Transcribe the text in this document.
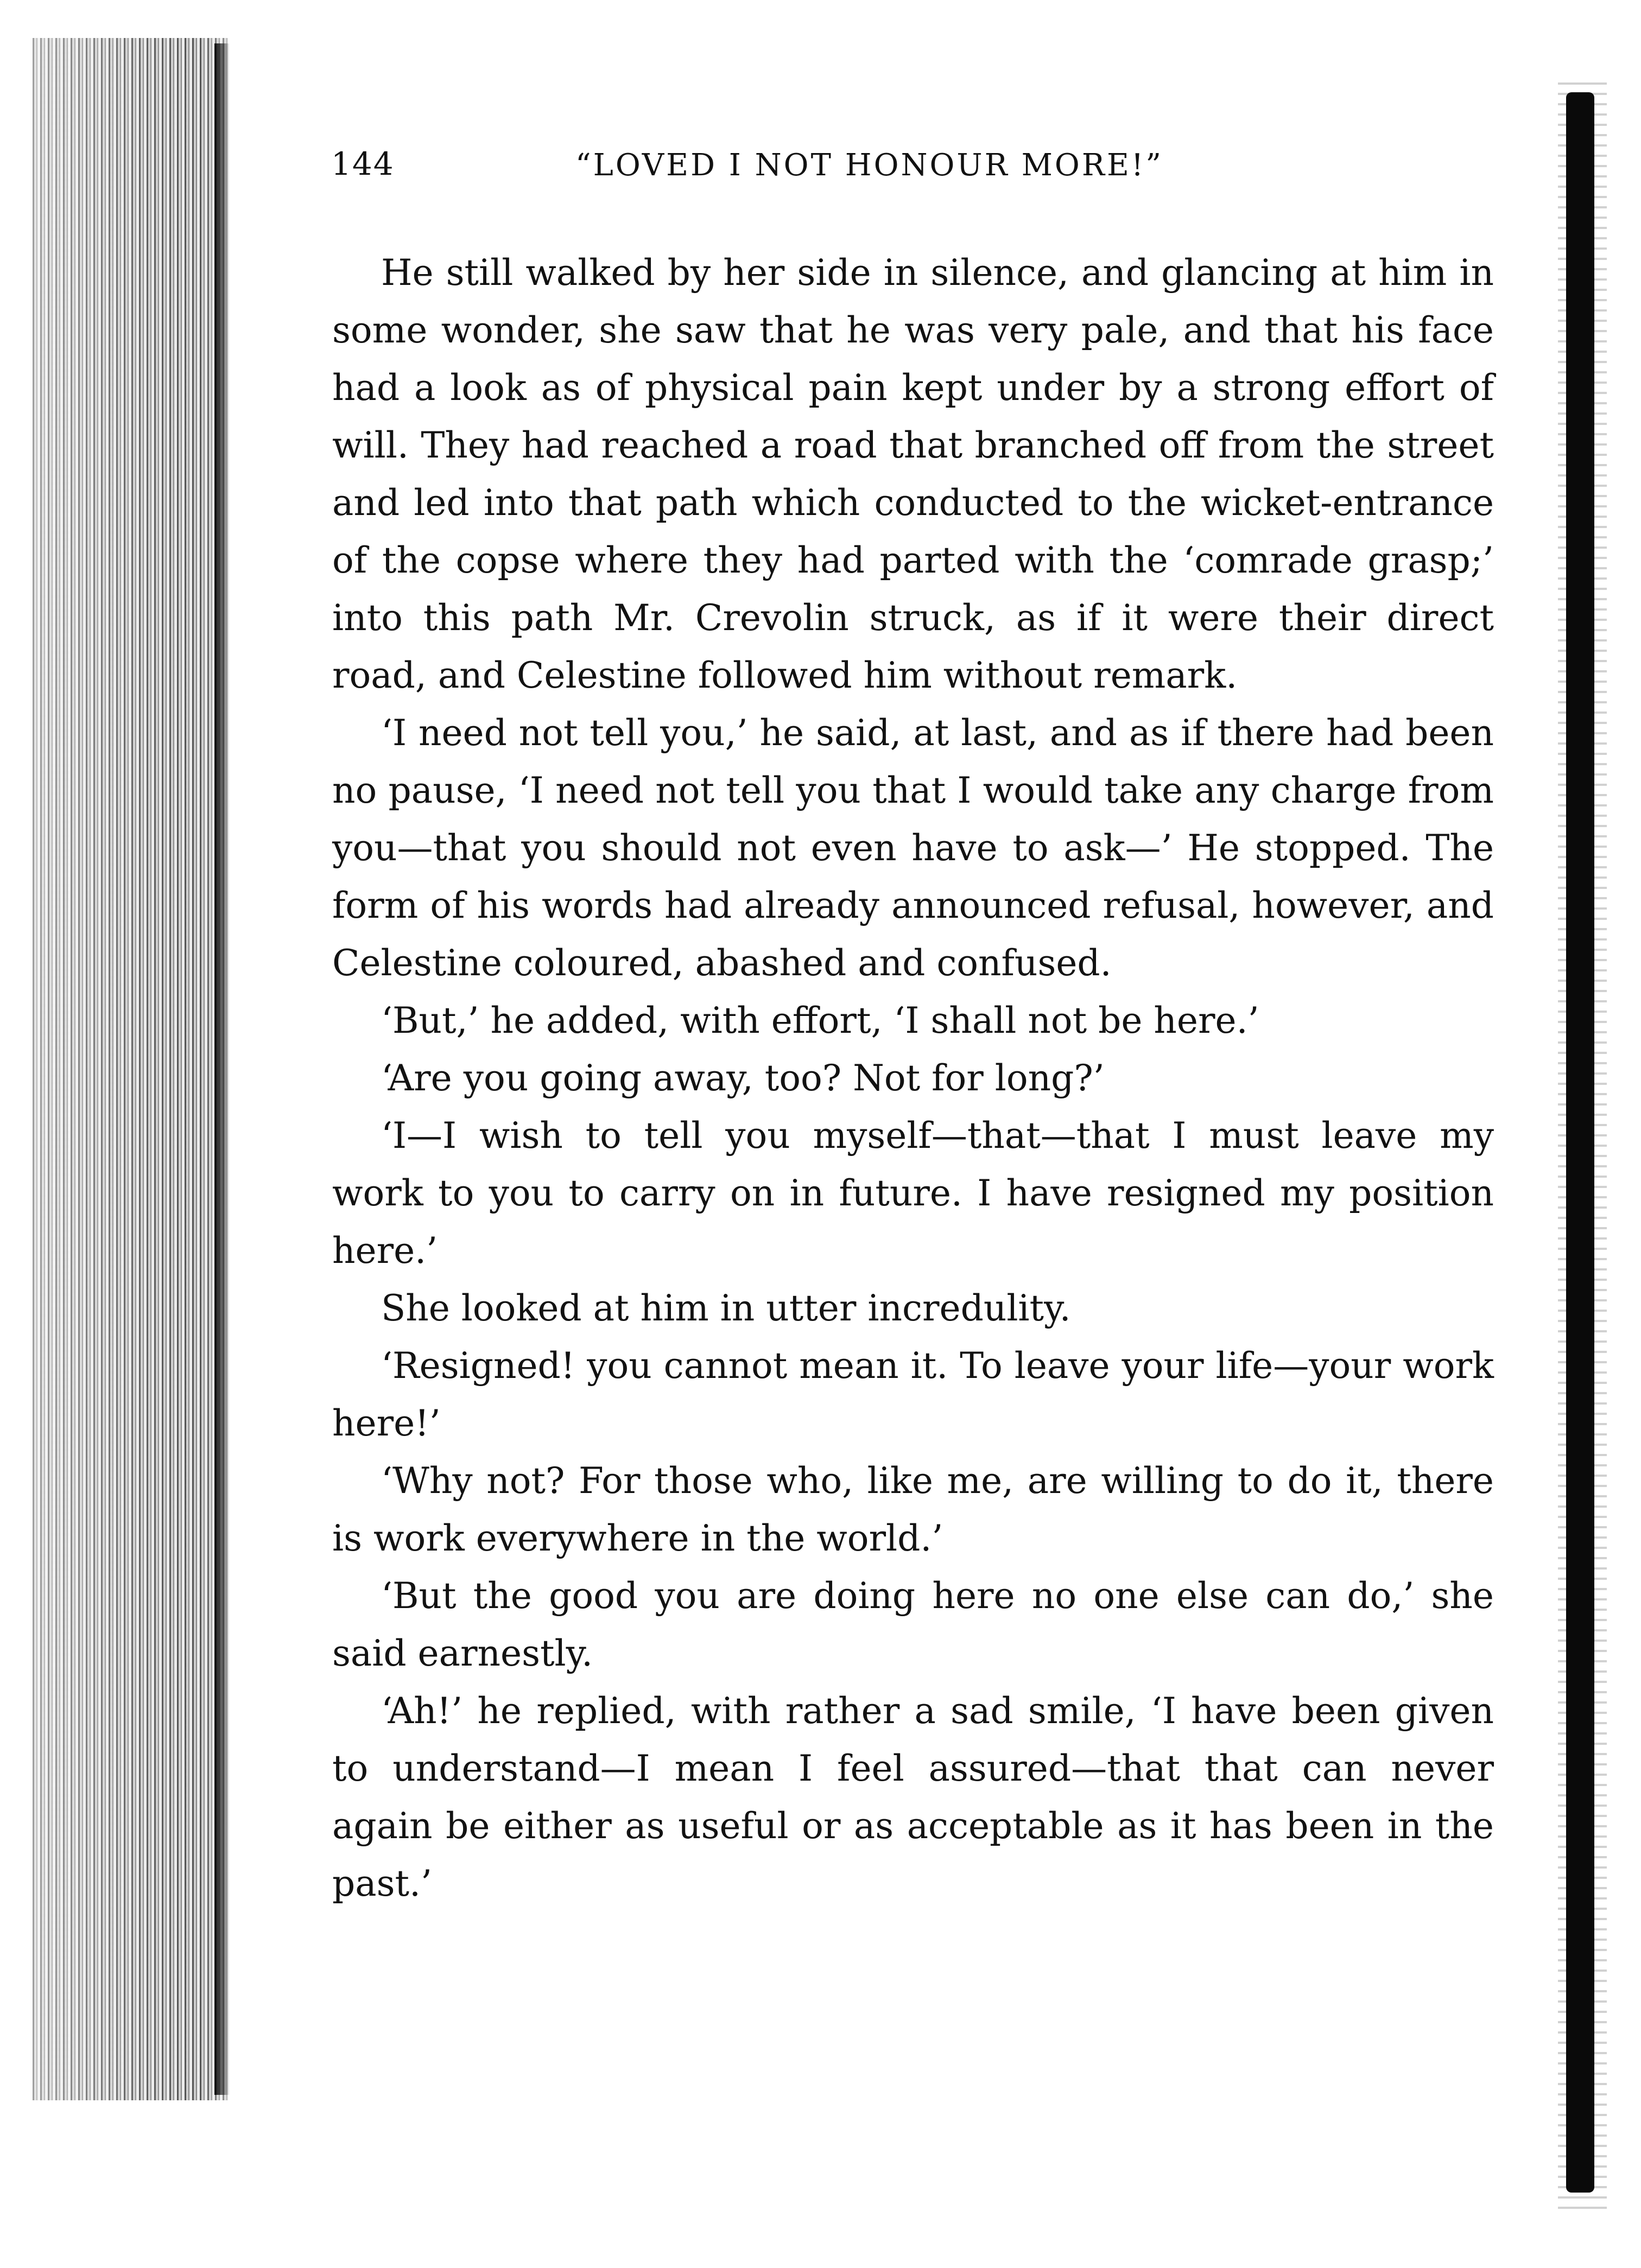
144	“LOVED I NOT HONOUR MORE!”

He still walked by her side in silence, and glancing at him in some wonder, she saw that he was very pale, and that his face had a look as of physical pain kept under by a strong effort of will. They had reached a road that branched off from the street and led into that path which conducted to the wicket-entrance of the copse where they had parted with the ‘comrade grasp;’ into this path Mr. Crevolin struck, as if it were their direct road, and Celestine followed him without remark.

‘I need not tell you,’ he said, at last, and as if there had been no pause, ‘I need not tell you that I would take any charge from you—that you should not even have to ask—’ He stopped. The form of his words had already announced refusal, however, and Celestine coloured, abashed and confused.

‘But,’ he added, with effort, ‘I shall not be here.’

‘Are you going away, too? Not for long?’

‘I—I wish to tell you myself—that—that I must leave my work to you to carry on in future. I have resigned my position here.’

She looked at him in utter incredulity.

‘Resigned! you cannot mean it. To leave your life—your work here!’

‘Why not? For those who, like me, are willing to do it, there is work everywhere in the world.’

‘But the good you are doing here no one else can do,’ she said earnestly.

‘Ah!’ he replied, with rather a sad smile, ‘I have been given to understand—I mean I feel assured—that that can never again be either as useful or as acceptable as it has been in the past.’
